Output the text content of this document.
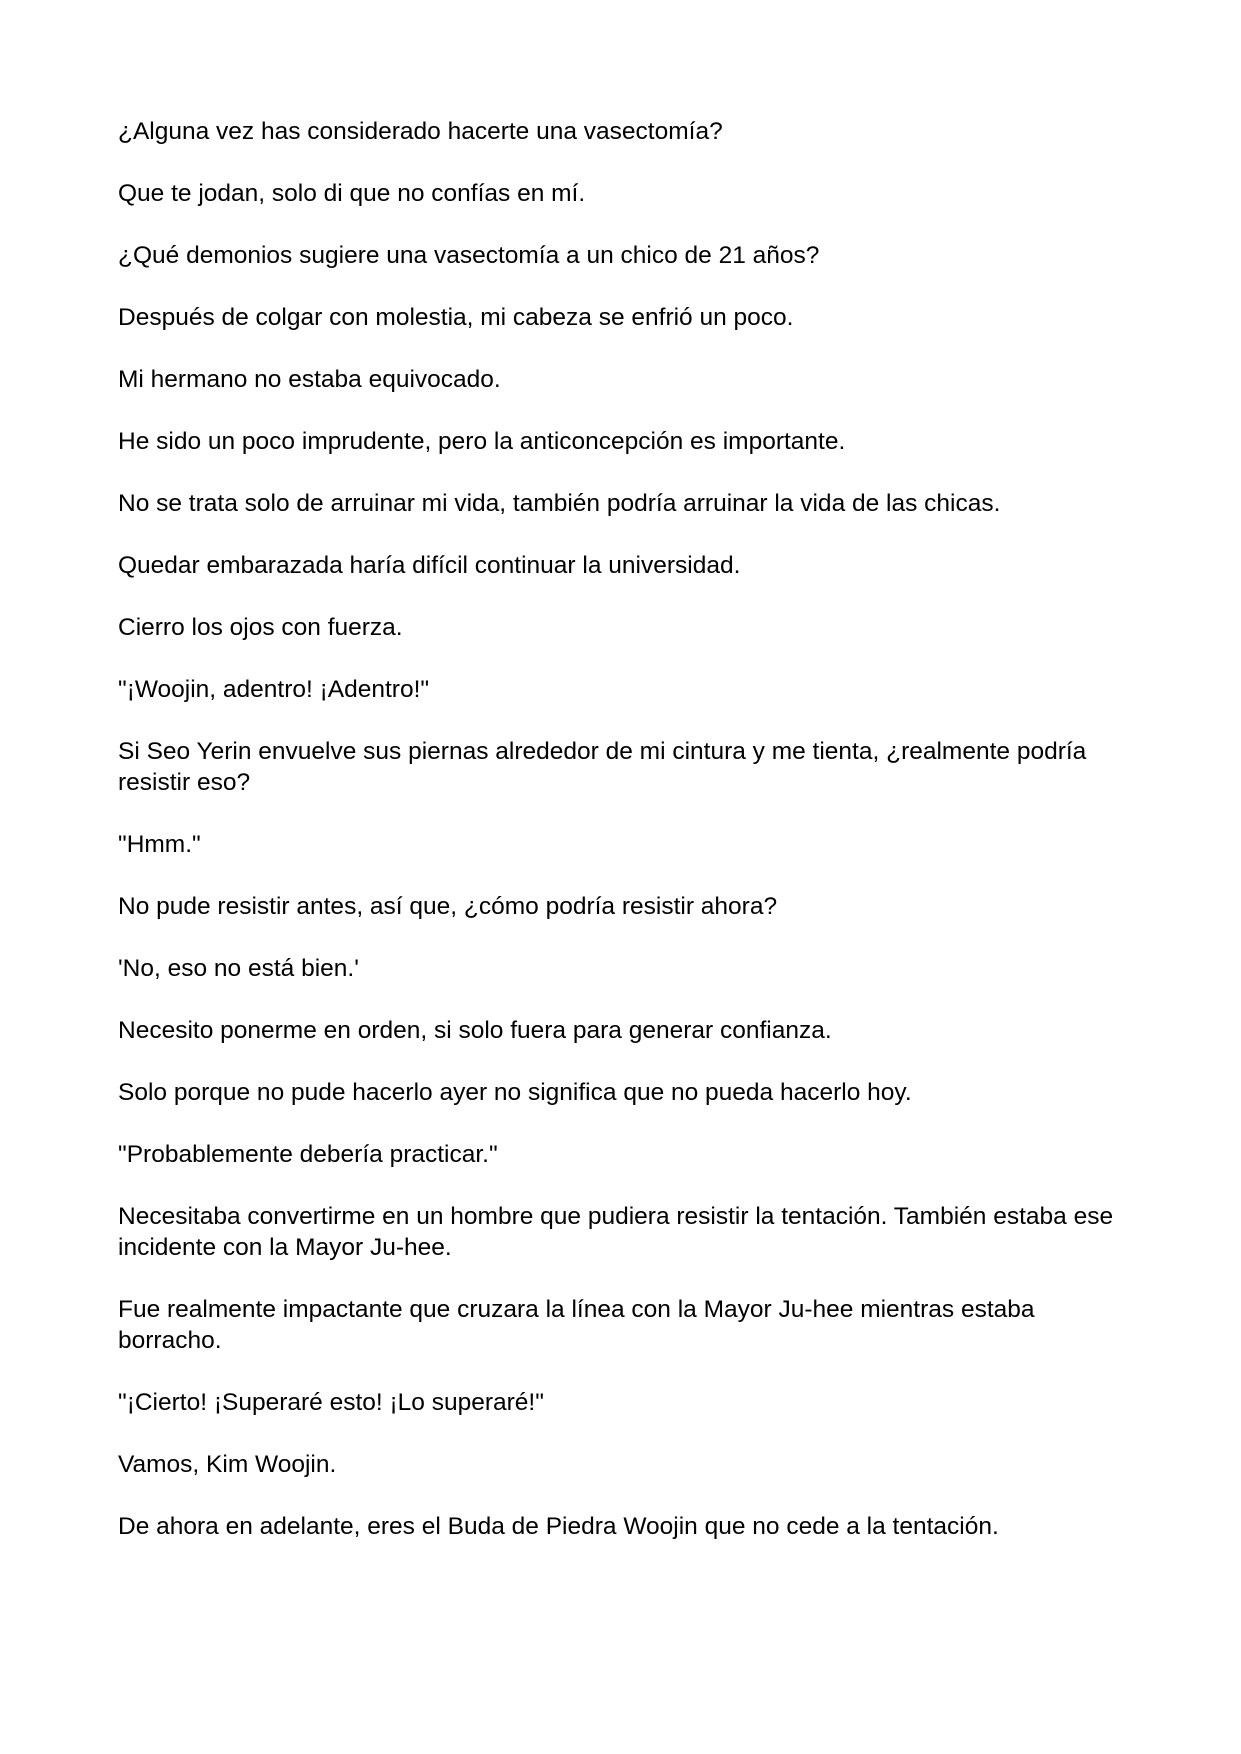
¿Alguna vez has considerado hacerte una vasectomía?

Que te jodan, solo di que no confías en mí.

¿Qué demonios sugiere una vasectomía a un chico de 21 años?

Después de colgar con molestia, mi cabeza se enfrió un poco.

Mi hermano no estaba equivocado.

He sido un poco imprudente, pero la anticoncepción es importante.

No se trata solo de arruinar mi vida, también podría arruinar la vida de las chicas.

Quedar embarazada haría difícil continuar la universidad.

Cierro los ojos con fuerza.

"¡Woojin, adentro! ¡Adentro!"

Si Seo Yerin envuelve sus piernas alrededor de mi cintura y me tienta, ¿realmente podría resistir eso?

"Hmm."

No pude resistir antes, así que, ¿cómo podría resistir ahora?

'No, eso no está bien.'

Necesito ponerme en orden, si solo fuera para generar confianza.

Solo porque no pude hacerlo ayer no significa que no pueda hacerlo hoy.

"Probablemente debería practicar."

Necesitaba convertirme en un hombre que pudiera resistir la tentación. También estaba ese incidente con la Mayor Ju-hee.

Fue realmente impactante que cruzara la línea con la Mayor Ju-hee mientras estaba borracho.

"¡Cierto! ¡Superaré esto! ¡Lo superaré!"

Vamos, Kim Woojin.

De ahora en adelante, eres el Buda de Piedra Woojin que no cede a la tentación.
